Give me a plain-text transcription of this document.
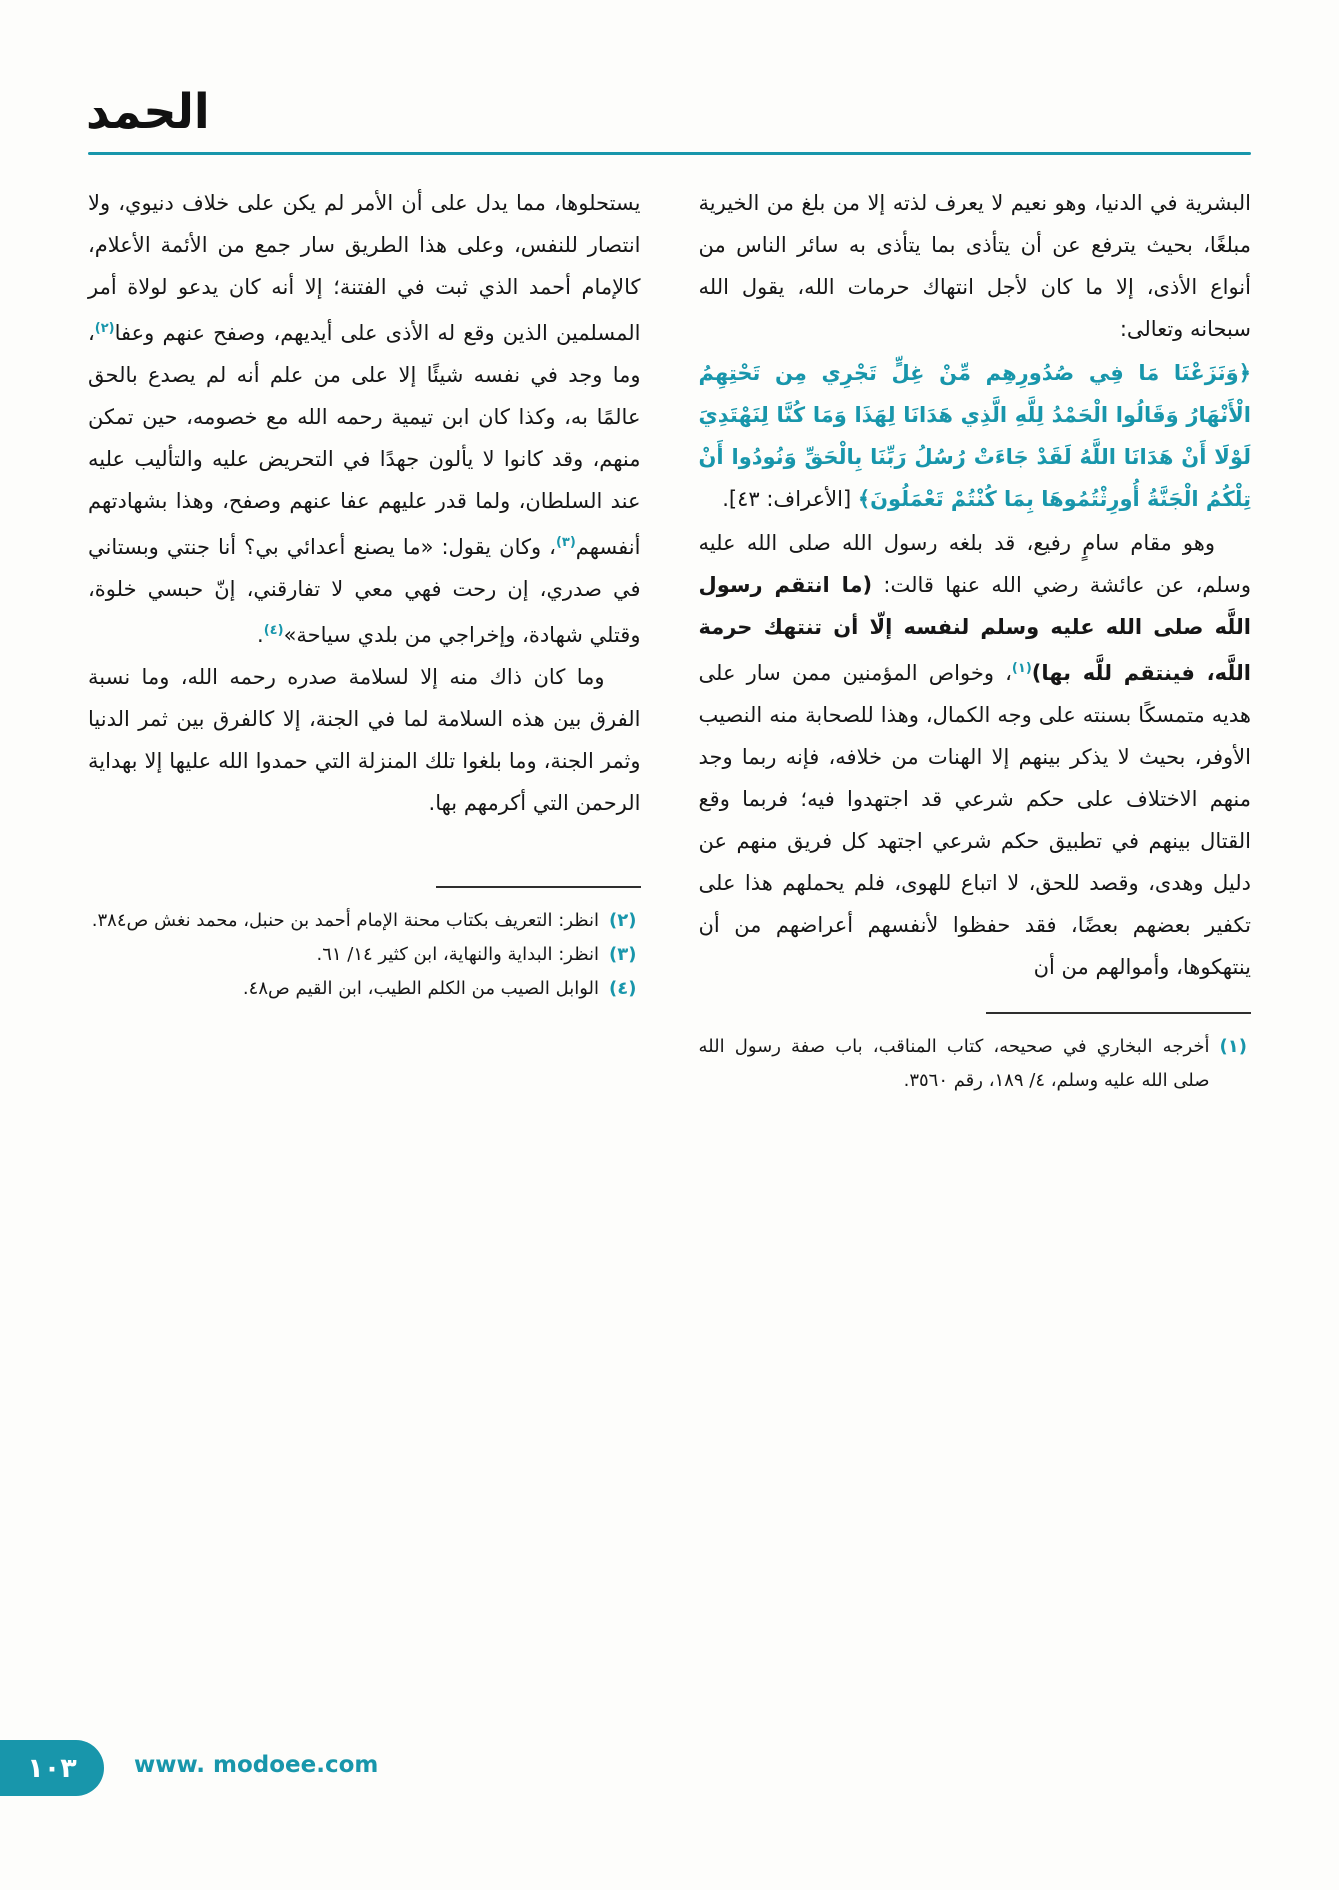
الحمد

البشرية في الدنيا، وهو نعيم لا يعرف لذته إلا من بلغ من الخيرية مبلغًا، بحيث يترفع عن أن يتأذى بما يتأذى به سائر الناس من أنواع الأذى، إلا ما كان لأجل انتهاك حرمات الله، يقول الله سبحانه وتعالى:

﴿وَنَزَعْنَا مَا فِي صُدُورِهِم مِّنْ غِلٍّ تَجْرِي مِن تَحْتِهِمُ الْأَنْهَارُ وَقَالُوا الْحَمْدُ لِلَّهِ الَّذِي هَدَانَا لِهَذَا وَمَا كُنَّا لِنَهْتَدِيَ لَوْلَا أَنْ هَدَانَا اللَّهُ لَقَدْ جَاءَتْ رُسُلُ رَبِّنَا بِالْحَقِّ وَنُودُوا أَنْ تِلْكُمُ الْجَنَّةُ أُورِثْتُمُوهَا بِمَا كُنْتُمْ تَعْمَلُونَ﴾ [الأعراف: ٤٣].

وهو مقام سامٍ رفيع، قد بلغه رسول الله صلى الله عليه وسلم، عن عائشة رضي الله عنها قالت: (ما انتقم رسول اللَّه صلى الله عليه وسلم لنفسه إلّا أن تنتهك حرمة اللَّه، فينتقم للَّه بها)$^{(١)}$، وخواص المؤمنين ممن سار على هديه متمسكًا بسنته على وجه الكمال، وهذا للصحابة منه النصيب الأوفر، بحيث لا يذكر بينهم إلا الهنات من خلافه، فإنه ربما وجد منهم الاختلاف على حكم شرعي قد اجتهدوا فيه؛ فربما وقع القتال بينهم في تطبيق حكم شرعي اجتهد كل فريق منهم عن دليل وهدى، وقصد للحق، لا اتباع للهوى، فلم يحملهم هذا على تكفير بعضهم بعضًا، فقد حفظوا لأنفسهم أعراضهم من أن ينتهكوها، وأموالهم من أن

(١)
أخرجه البخاري في صحيحه، كتاب المناقب، باب صفة رسول الله صلى الله عليه وسلم، ٤/ ١٨٩، رقم ٣٥٦٠.

يستحلوها، مما يدل على أن الأمر لم يكن على خلاف دنيوي، ولا انتصار للنفس، وعلى هذا الطريق سار جمع من الأئمة الأعلام، كالإمام أحمد الذي ثبت في الفتنة؛ إلا أنه كان يدعو لولاة أمر المسلمين الذين وقع له الأذى على أيديهم، وصفح عنهم وعفا$^{(٢)}$، وما وجد في نفسه شيئًا إلا على من علم أنه لم يصدع بالحق عالمًا به، وكذا كان ابن تيمية رحمه الله مع خصومه، حين تمكن منهم، وقد كانوا لا يألون جهدًا في التحريض عليه والتأليب عليه عند السلطان، ولما قدر عليهم عفا عنهم وصفح، وهذا بشهادتهم أنفسهم$^{(٣)}$، وكان يقول: «ما يصنع أعدائي بي؟ أنا جنتي وبستاني في صدري، إن رحت فهي معي لا تفارقني، إنّ حبسي خلوة، وقتلي شهادة، وإخراجي من بلدي سياحة»$^{(٤)}$.

وما كان ذاك منه إلا لسلامة صدره رحمه الله، وما نسبة الفرق بين هذه السلامة لما في الجنة، إلا كالفرق بين ثمر الدنيا وثمر الجنة، وما بلغوا تلك المنزلة التي حمدوا الله عليها إلا بهداية الرحمن التي أكرمهم بها.

(٢)
انظر: التعريف بكتاب محنة الإمام أحمد بن حنبل، محمد نغش ص٣٨٤.
(٣)
انظر: البداية والنهاية، ابن كثير ١٤/ ٦١.
(٤)
الوابل الصيب من الكلم الطيب، ابن القيم ص٤٨.
١٠٣ www. modoee.com
